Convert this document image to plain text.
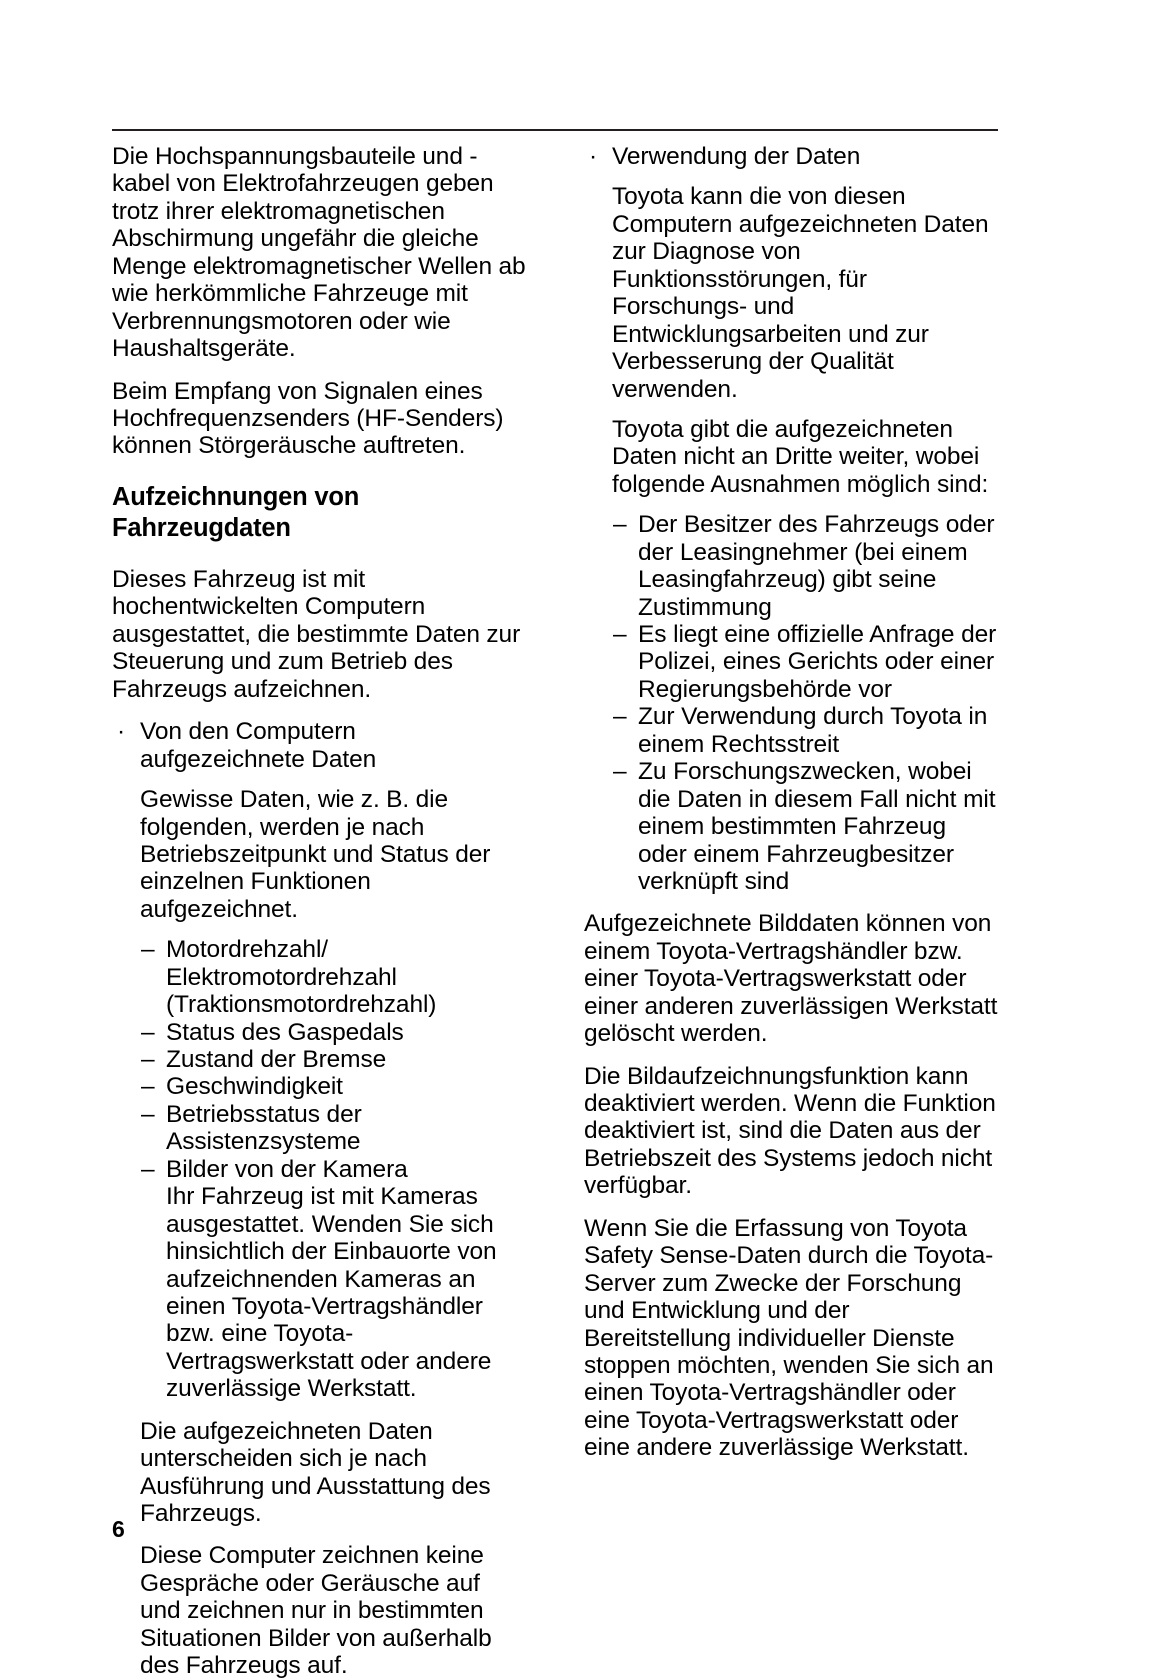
Die Hochspannungsbauteile und -kabel von Elektrofahrzeugen geben trotz ihrer elektromagnetischen Abschirmung ungefähr die gleiche Menge elektromagnetischer Wellen ab wie herkömmliche Fahrzeuge mit Verbrennungsmotoren oder wie Haushaltsgeräte.

Beim Empfang von Signalen eines Hochfrequenzsenders (HF-Senders) können Störgeräusche auftreten.

Aufzeichnungen von Fahrzeugdaten

Dieses Fahrzeug ist mit hochentwickelten Computern ausgestattet, die bestimmte Daten zur Steuerung und zum Betrieb des Fahrzeugs aufzeichnen.

· Von den Computern aufgezeichnete Daten

Gewisse Daten, wie z. B. die folgenden, werden je nach Betriebszeitpunkt und Status der einzelnen Funktionen aufgezeichnet.

– Motordrehzahl/ Elektromotordrehzahl (Traktionsmotordrehzahl)
– Status des Gaspedals
– Zustand der Bremse
– Geschwindigkeit
– Betriebsstatus der Assistenzsysteme
– Bilder von der Kamera
Ihr Fahrzeug ist mit Kameras ausgestattet. Wenden Sie sich hinsichtlich der Einbauorte von aufzeichnenden Kameras an einen Toyota-Vertragshändler bzw. eine Toyota-Vertragswerkstatt oder andere zuverlässige Werkstatt.

Die aufgezeichneten Daten unterscheiden sich je nach Ausführung und Ausstattung des Fahrzeugs.

Diese Computer zeichnen keine Gespräche oder Geräusche auf und zeichnen nur in bestimmten Situationen Bilder von außerhalb des Fahrzeugs auf.

· Verwendung der Daten

Toyota kann die von diesen Computern aufgezeichneten Daten zur Diagnose von Funktionsstörungen, für Forschungs- und Entwicklungsarbeiten und zur Verbesserung der Qualität verwenden.

Toyota gibt die aufgezeichneten Daten nicht an Dritte weiter, wobei folgende Ausnahmen möglich sind:

– Der Besitzer des Fahrzeugs oder der Leasingnehmer (bei einem Leasingfahrzeug) gibt seine Zustimmung
– Es liegt eine offizielle Anfrage der Polizei, eines Gerichts oder einer Regierungsbehörde vor
– Zur Verwendung durch Toyota in einem Rechtsstreit
– Zu Forschungszwecken, wobei die Daten in diesem Fall nicht mit einem bestimmten Fahrzeug oder einem Fahrzeugbesitzer verknüpft sind

Aufgezeichnete Bilddaten können von einem Toyota-Vertragshändler bzw. einer Toyota-Vertragswerkstatt oder einer anderen zuverlässigen Werkstatt gelöscht werden.

Die Bildaufzeichnungsfunktion kann deaktiviert werden. Wenn die Funktion deaktiviert ist, sind die Daten aus der Betriebszeit des Systems jedoch nicht verfügbar.

Wenn Sie die Erfassung von Toyota Safety Sense-Daten durch die Toyota-Server zum Zwecke der Forschung und Entwicklung und der Bereitstellung individueller Dienste stoppen möchten, wenden Sie sich an einen Toyota-Vertragshändler oder eine Toyota-Vertragswerkstatt oder eine andere zuverlässige Werkstatt.

6
